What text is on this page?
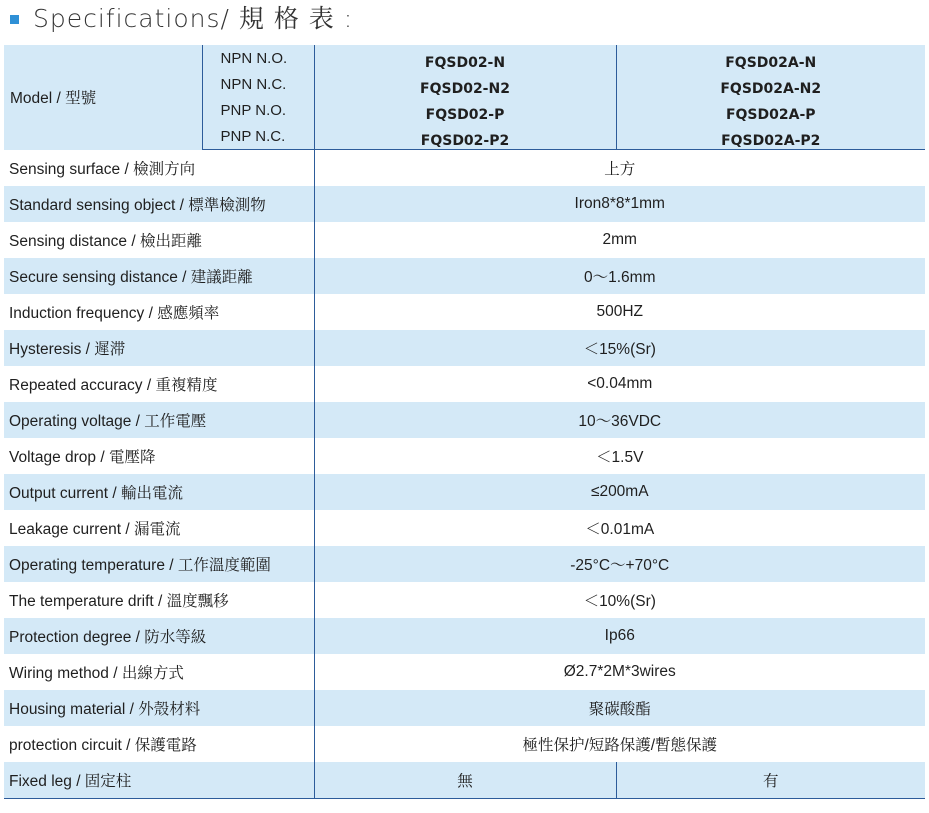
Specifications/ 規 格 表 :
Model / 型號	NPN N.O.	FQSD02-N	FQSD02A-N
	NPN N.C.	FQSD02-N2	FQSD02A-N2
	PNP N.O.	FQSD02-P	FQSD02A-P
	PNP N.C.	FQSD02-P2	FQSD02A-P2
Sensing surface / 檢測方向		上方	
Standard sensing object / 標準檢測物		Iron8*8*1mm	
Sensing distance / 檢出距離		2mm	
Secure sensing distance / 建議距離		0～1.6mm	
Induction frequency / 感應頻率		500HZ	
Hysteresis / 遲滞		＜15%(Sr)	
Repeated accuracy / 重複精度		<0.04mm	
Operating voltage / 工作電壓		10～36VDC	
Voltage drop / 電壓降		＜1.5V	
Output current / 輸出電流		≤200mA	
Leakage current / 漏電流		＜0.01mA	
Operating temperature / 工作溫度範圍		-25°C～+70°C	
The temperature drift / 溫度飄移		＜10%(Sr)	
Protection degree / 防水等級		Ip66	
Wiring method / 出線方式		Ø2.7*2M*3wires	
Housing material / 外殼材料		聚碳酸酯	
protection circuit / 保護電路		極性保护/短路保護/暫態保護	
Fixed leg / 固定柱		無	有
